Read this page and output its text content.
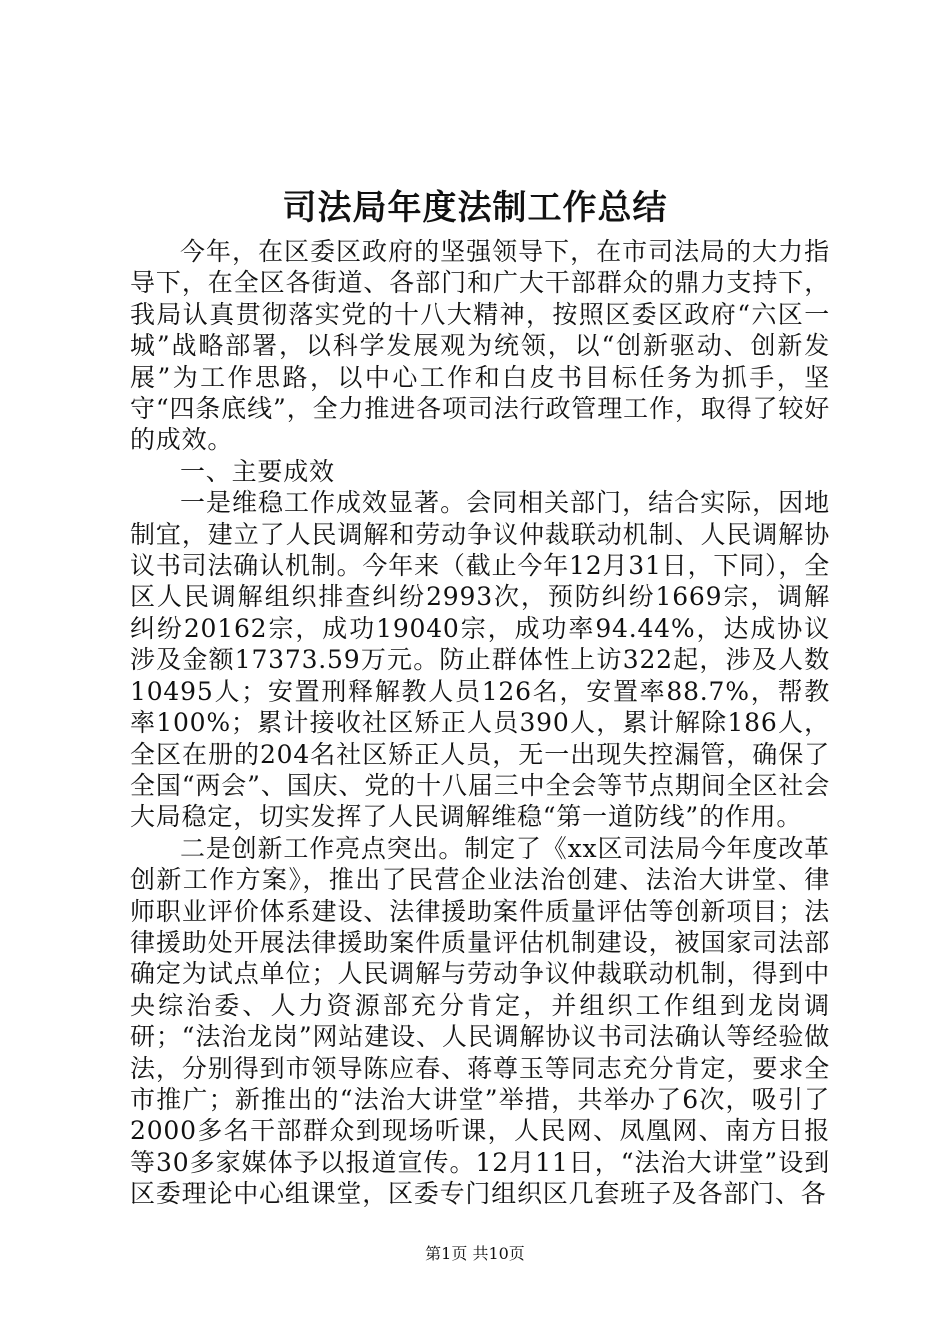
司法局年度法制工作总结

今年，在区委区政府的坚强领导下，在市司法局的大力指导下，在全区各街道、各部门和广大干部群众的鼎力支持下，我局认真贯彻落实党的十八大精神，按照区委区政府“六区一城”战略部署，以科学发展观为统领，以“创新驱动、创新发展”为工作思路，以中心工作和白皮书目标任务为抓手，坚守“四条底线”，全力推进各项司法行政管理工作，取得了较好的成效。

一、主要成效

一是维稳工作成效显著。会同相关部门，结合实际，因地制宜，建立了人民调解和劳动争议仲裁联动机制、人民调解协议书司法确认机制。今年来（截止今年12月31日，下同），全区人民调解组织排查纠纷2993次，预防纠纷1669宗，调解纠纷20162宗，成功19040宗，成功率94.44%，达成协议涉及金额17373.59万元。防止群体性上访322起，涉及人数10495人；安置刑释解教人员126名，安置率88.7%，帮教率100%；累计接收社区矫正人员390人，累计解除186人，全区在册的204名社区矫正人员，无一出现失控漏管，确保了全国“两会”、国庆、党的十八届三中全会等节点期间全区社会大局稳定，切实发挥了人民调解维稳“第一道防线”的作用。

二是创新工作亮点突出。制定了《xx区司法局今年度改革创新工作方案》，推出了民营企业法治创建、法治大讲堂、律师职业评价体系建设、法律援助案件质量评估等创新项目；法律援助处开展法律援助案件质量评估机制建设，被国家司法部确定为试点单位；人民调解与劳动争议仲裁联动机制，得到中央综治委、人力资源部充分肯定，并组织工作组到龙岗调研；“法治龙岗”网站建设、人民调解协议书司法确认等经验做法，分别得到市领导陈应春、蒋尊玉等同志充分肯定，要求全市推广；新推出的“法治大讲堂”举措，共举办了6次，吸引了2000多名干部群众到现场听课，人民网、凤凰网、南方日报等30多家媒体予以报道宣传。12月11日，“法治大讲堂”设到区委理论中心组课堂，区委专门组织区几套班子及各部门、各

第1页 共10页
